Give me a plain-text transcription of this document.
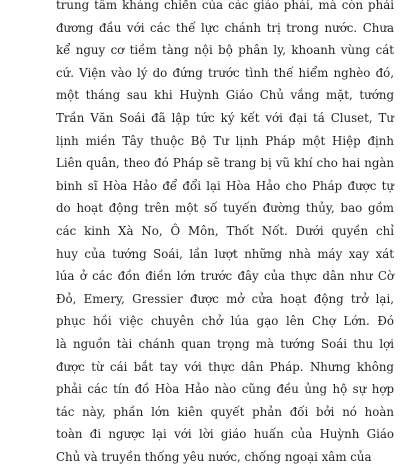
trung tâm kháng chiến của các giáo phái, mà còn phải
đương đầu với các thế lực chánh trị trong nước. Chưa
kể nguy cơ tiềm tàng nội bộ phân ly, khoanh vùng cát
cứ. Viện vào lý do đứng trước tình thế hiểm nghèo đó,
một tháng sau khi Huỳnh Giáo Chủ vắng mặt, tướng
Trần Văn Soái đã lập tức ký kết với đại tá Cluset, Tư
lịnh miền Tây thuộc Bộ Tư lịnh Pháp một Hiệp định
Liên quân, theo đó Pháp sẽ trang bị vũ khí cho hai ngàn
binh sĩ Hòa Hảo để đổi lại Hòa Hảo cho Pháp được tự
do hoạt động trên một số tuyến đường thủy, bao gồm
các kinh Xà No, Ô Môn, Thốt Nốt. Dưới quyền chỉ
huy của tướng Soái, lần lượt những nhà máy xay xát
lúa ở các đồn điền lớn trước đây của thực dân như Cờ
Đỏ, Emery, Gressier được mở cửa hoạt động trở lại,
phục hồi việc chuyên chở lúa gạo lên Chợ Lớn. Đó
là nguồn tài chánh quan trọng mà tướng Soái thu lợi
được từ cái bắt tay với thực dân Pháp. Nhưng không
phải các tín đồ Hòa Hảo nào cũng đều ủng hộ sự hợp
tác này, phần lớn kiên quyết phản đối bởi nó hoàn
toàn đi ngược lại với lời giáo huấn của Huỳnh Giáo
Chủ và truyền thống yêu nước, chống ngoại xâm của
